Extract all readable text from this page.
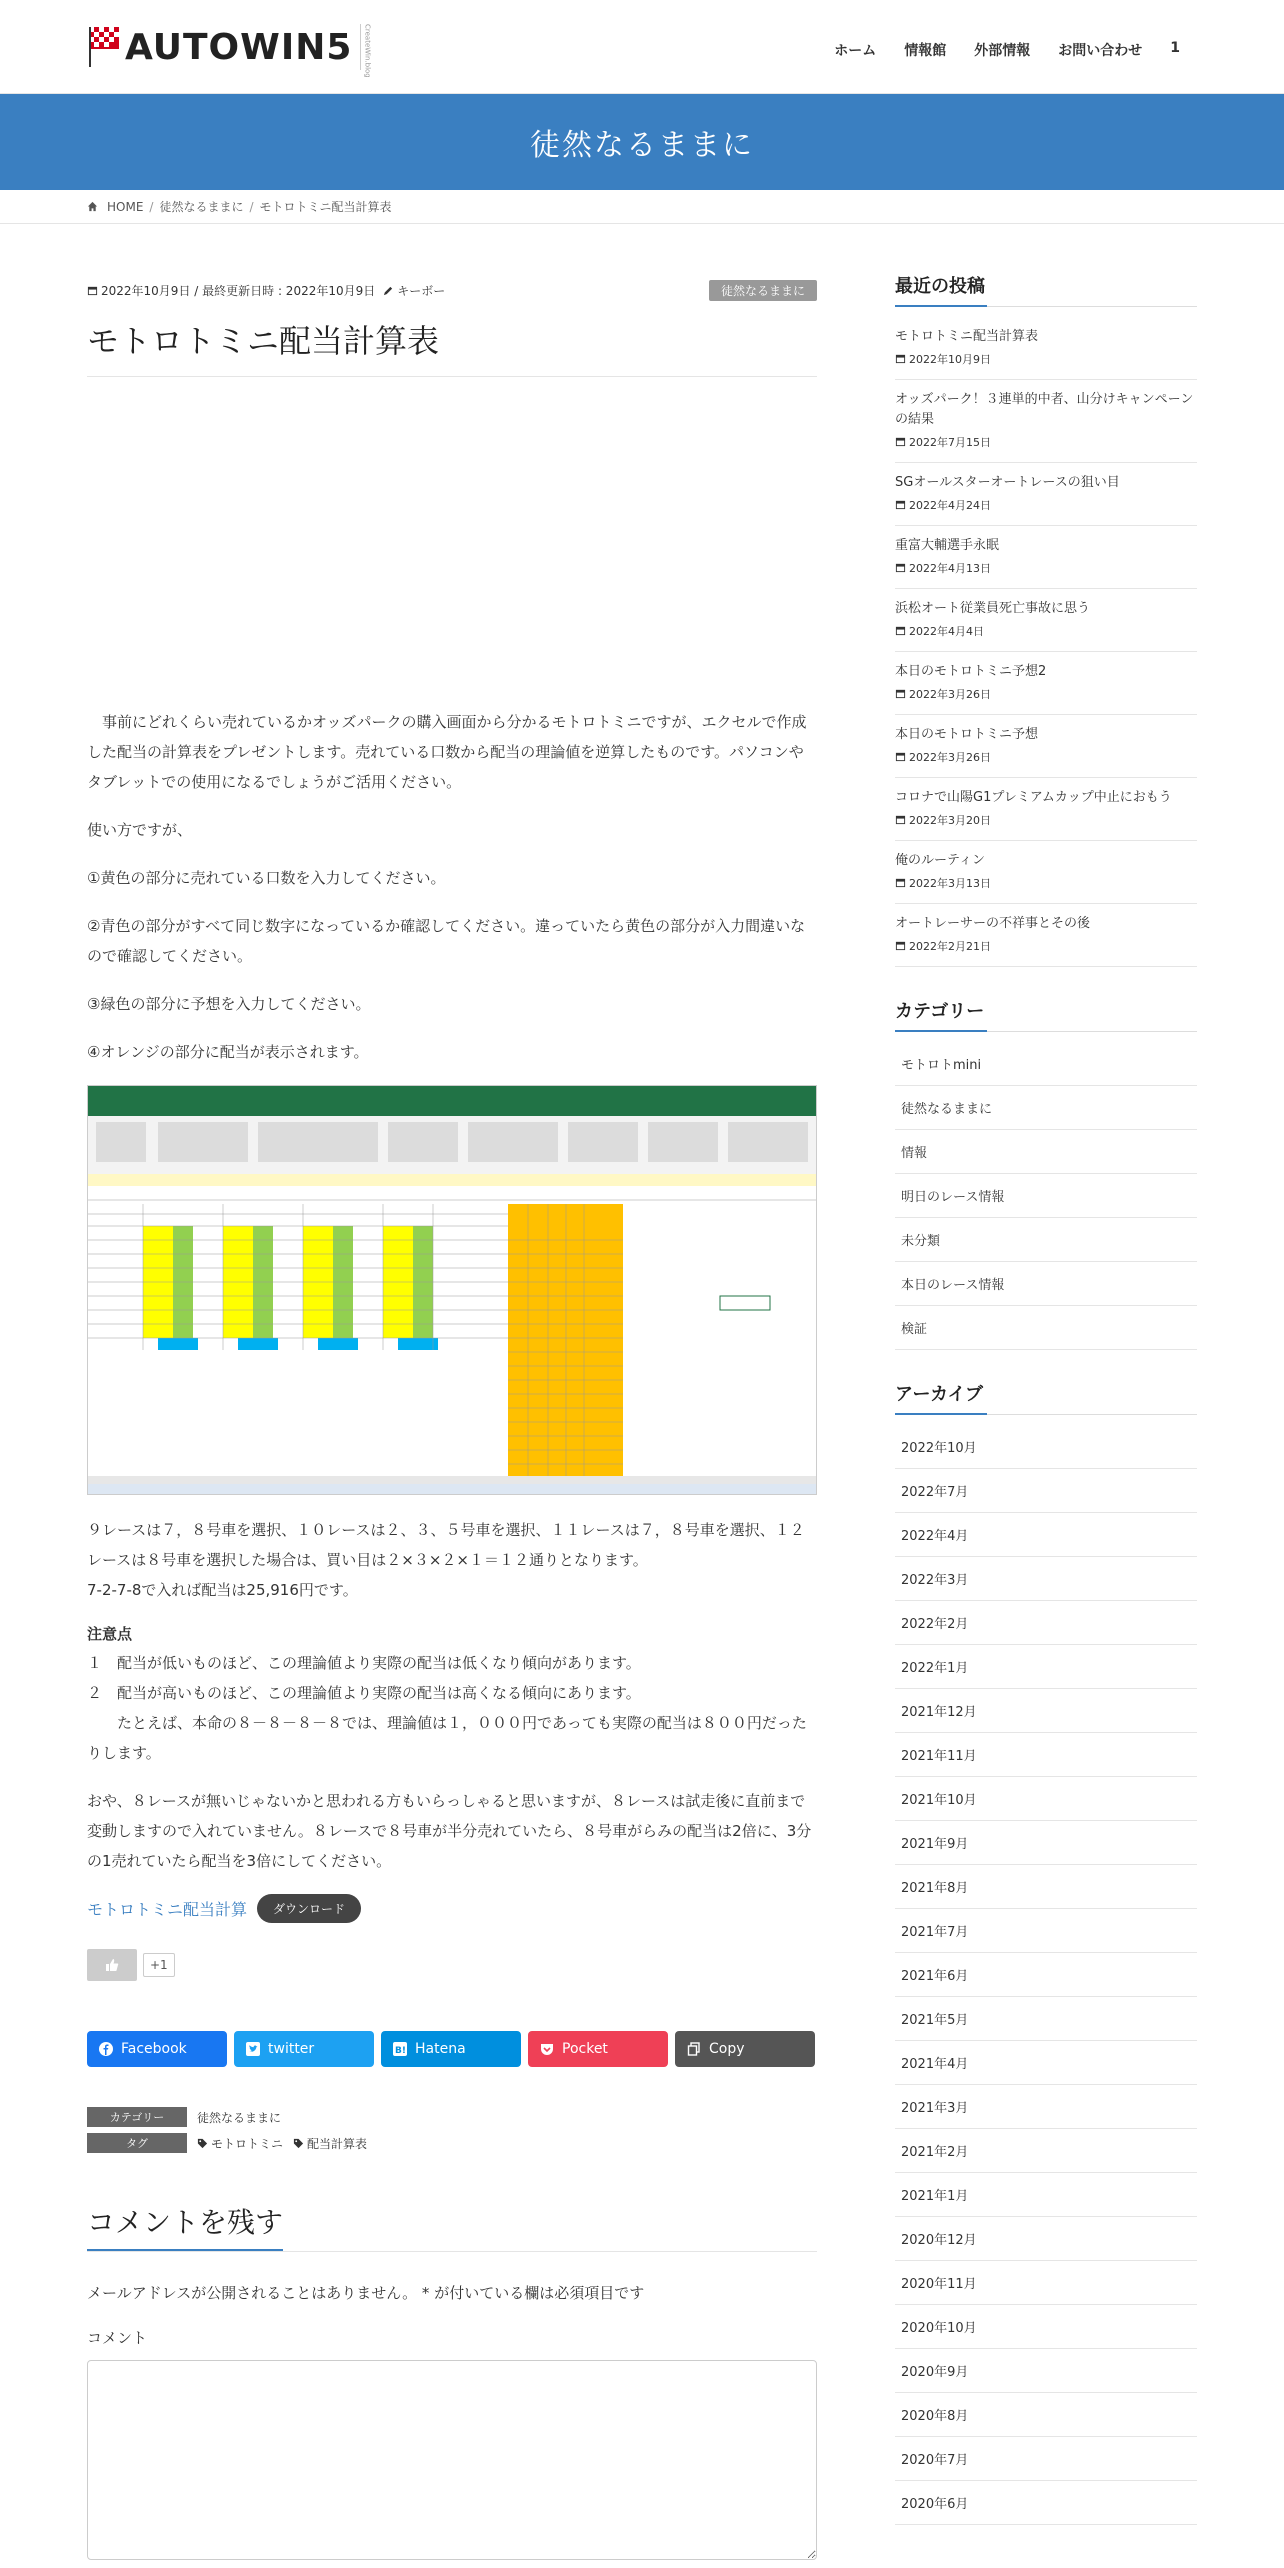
AUTOWIN5	CreateWin.blog	ホーム 情報館 外部情報 お問い合わせ 1
徒然なるままに
HOME / 徒然なるままに / モトロトミニ配当計算表
2022年10月9日 / 最終更新日時 : 2022年10月9日	キーボー	徒然なるままに
モトロトミニ配当計算表

　事前にどれくらい売れているかオッズパークの購入画面から分かるモトロトミニですが、エクセルで作成した配当の計算表をプレゼントします。売れている口数から配当の理論値を逆算したものです。パソコンやタブレットでの使用になるでしょうがご活用ください。

使い方ですが、

①黄色の部分に売れている口数を入力してください。

②青色の部分がすべて同じ数字になっているか確認してください。違っていたら黄色の部分が入力間違いなので確認してください。

③緑色の部分に予想を入力してください。

④オレンジの部分に配当が表示されます。

９レースは７，８号車を選択、１０レースは２、３、５号車を選択、１１レースは７，８号車を選択、１２レースは８号車を選択した場合は、買い目は２×３×２×１＝１２通りとなります。
7-2-7-8で入れば配当は25,916円です。

注意点

１　配当が低いものほど、この理論値より実際の配当は低くなり傾向があります。

２　配当が高いものほど、この理論値より実際の配当は高くなる傾向にあります。

　　たとえば、本命の８－８－８－８では、理論値は１，０００円であっても実際の配当は８００円だったりします。

おや、８レースが無いじゃないかと思われる方もいらっしゃると思いますが、８レースは試走後に直前まで変動しますので入れていません。８レースで８号車が半分売れていたら、８号車がらみの配当は2倍に、3分の1売れていたら配当を3倍にしてください。

モトロトミニ配当計算	ダウンロード
+1
Facebook	twitter	B! Hatena	Pocket	Copy
カテゴリー	徒然なるままに
タグ	モトロトミニ	配当計算表
コメントを残す

メールアドレスが公開されることはありません。 * が付いている欄は必須項目です

コメント
最近の投稿
モトロトミニ配当計算表
2022年10月9日
オッズパーク！３連単的中者、山分けキャンペーンの結果
2022年7月15日
SGオールスターオートレースの狙い目
2022年4月24日
重富大輔選手永眠
2022年4月13日
浜松オート従業員死亡事故に思う
2022年4月4日
本日のモトロトミニ予想2
2022年3月26日
本日のモトロトミニ予想
2022年3月26日
コロナで山陽G1プレミアムカップ中止におもう
2022年3月20日
俺のルーティン
2022年3月13日
オートレーサーの不祥事とその後
2022年2月21日
カテゴリー
モトロトmini
徒然なるままに
情報
明日のレース情報
未分類
本日のレース情報
検証
アーカイブ
2022年10月
2022年7月
2022年4月
2022年3月
2022年2月
2022年1月
2021年12月
2021年11月
2021年10月
2021年9月
2021年8月
2021年7月
2021年6月
2021年5月
2021年4月
2021年3月
2021年2月
2021年1月
2020年12月
2020年11月
2020年10月
2020年9月
2020年8月
2020年7月
2020年6月
